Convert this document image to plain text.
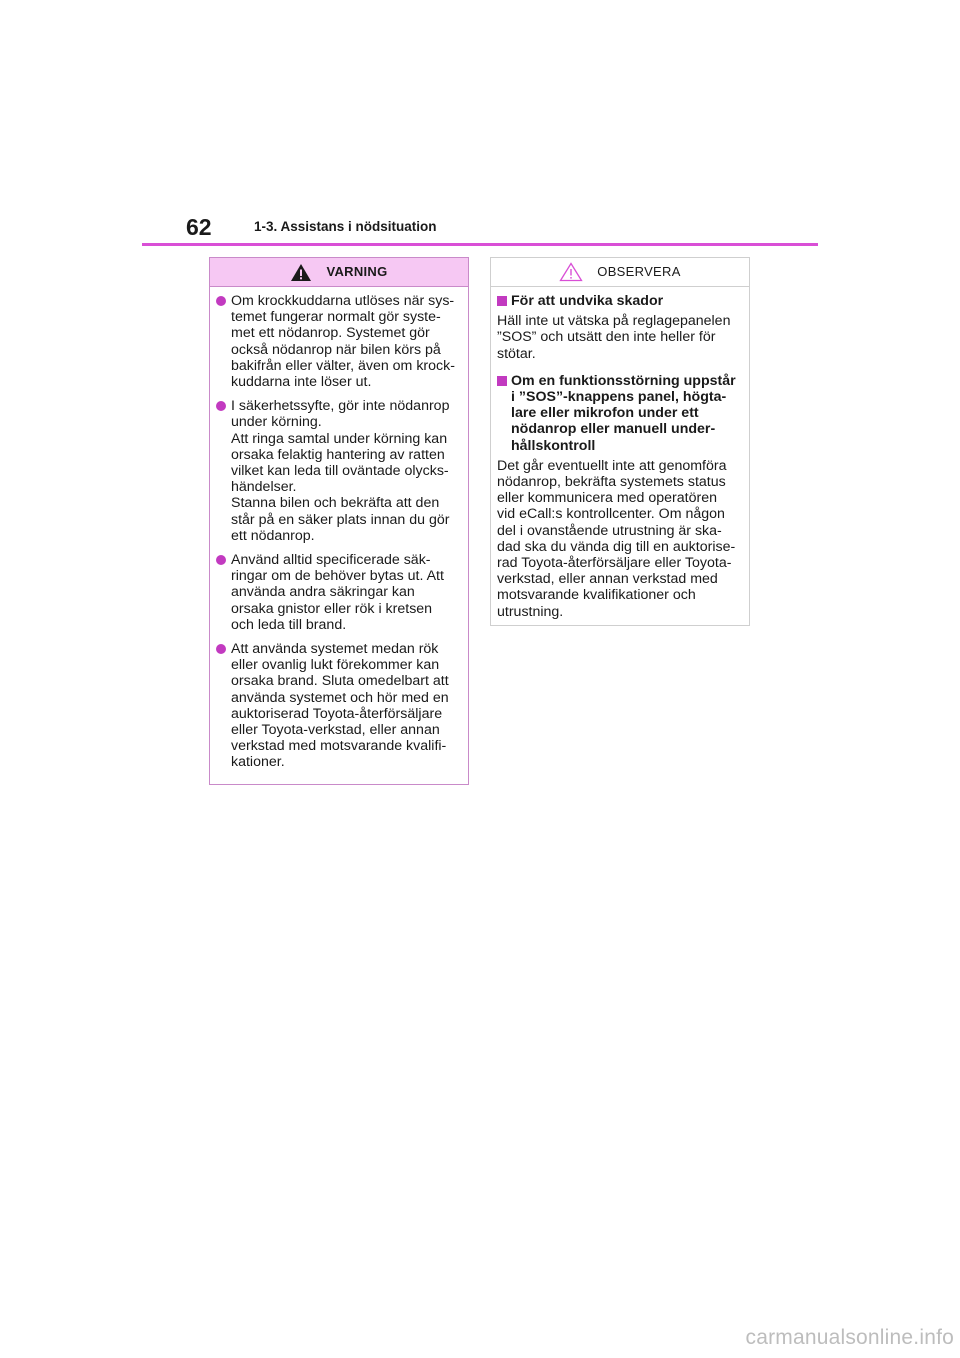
62	1-3. Assistans i nödsituation
VARNING
Om krockkuddarna utlöses när sys-
temet fungerar normalt gör syste-
met ett nödanrop. Systemet gör
också nödanrop när bilen körs på
bakifrån eller välter, även om krock-
kuddarna inte löser ut.
I säkerhetssyfte, gör inte nödanrop
under körning.
Att ringa samtal under körning kan
orsaka felaktig hantering av ratten
vilket kan leda till oväntade olycks-
händelser.
Stanna bilen och bekräfta att den
står på en säker plats innan du gör
ett nödanrop.
Använd alltid specificerade säk-
ringar om de behöver bytas ut. Att
använda andra säkringar kan
orsaka gnistor eller rök i kretsen
och leda till brand.
Att använda systemet medan rök
eller ovanlig lukt förekommer kan
orsaka brand. Sluta omedelbart att
använda systemet och hör med en
auktoriserad Toyota-återförsäljare
eller Toyota-verkstad, eller annan
verkstad med motsvarande kvalifi-
kationer.
OBSERVERA
För att undvika skador
Häll inte ut vätska på reglagepanelen
”SOS” och utsätt den inte heller för
stötar.
Om en funktionsstörning uppstår
i ”SOS”-knappens panel, högta-
lare eller mikrofon under ett
nödanrop eller manuell under-
hållskontroll
Det går eventuellt inte att genomföra
nödanrop, bekräfta systemets status
eller kommunicera med operatören
vid eCall:s kontrollcenter. Om någon
del i ovanstående utrustning är ska-
dad ska du vända dig till en auktorise-
rad Toyota-återförsäljare eller Toyota-
verkstad, eller annan verkstad med
motsvarande kvalifikationer och
utrustning.
carmanualsonline.info
